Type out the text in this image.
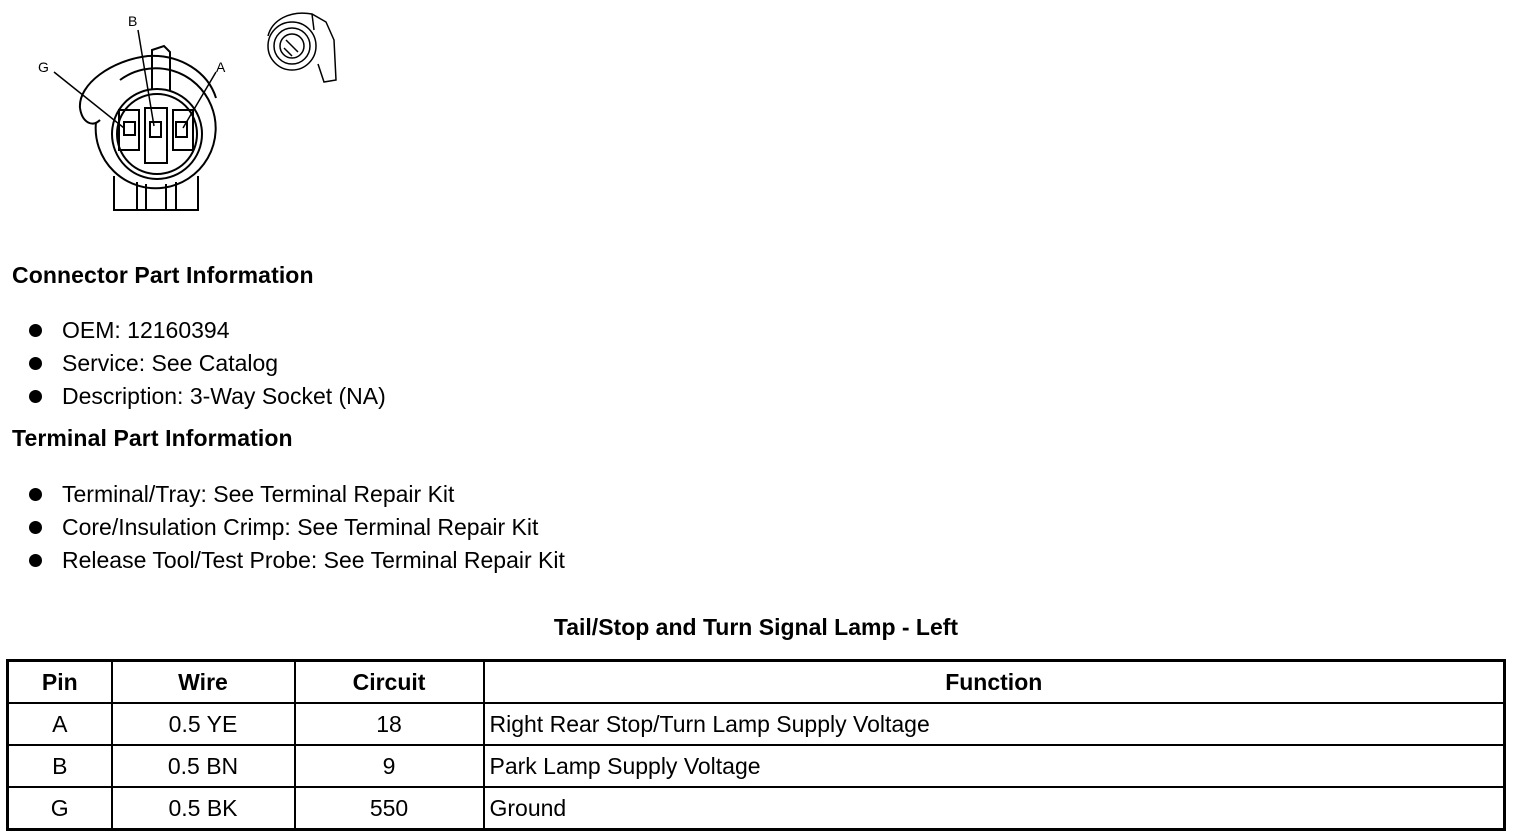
B
G	A
Connector Part Information
OEM: 12160394
Service: See Catalog
Description: 3-Way Socket (NA)
Terminal Part Information
Terminal/Tray: See Terminal Repair Kit
Core/Insulation Crimp: See Terminal Repair Kit
Release Tool/Test Probe: See Terminal Repair Kit
Tail/Stop and Turn Signal Lamp - Left
Pin	Wire	Circuit	Function
A	0.5 YE	18	Right Rear Stop/Turn Lamp Supply Voltage
B	0.5 BN	9	Park Lamp Supply Voltage
G	0.5 BK	550	Ground
